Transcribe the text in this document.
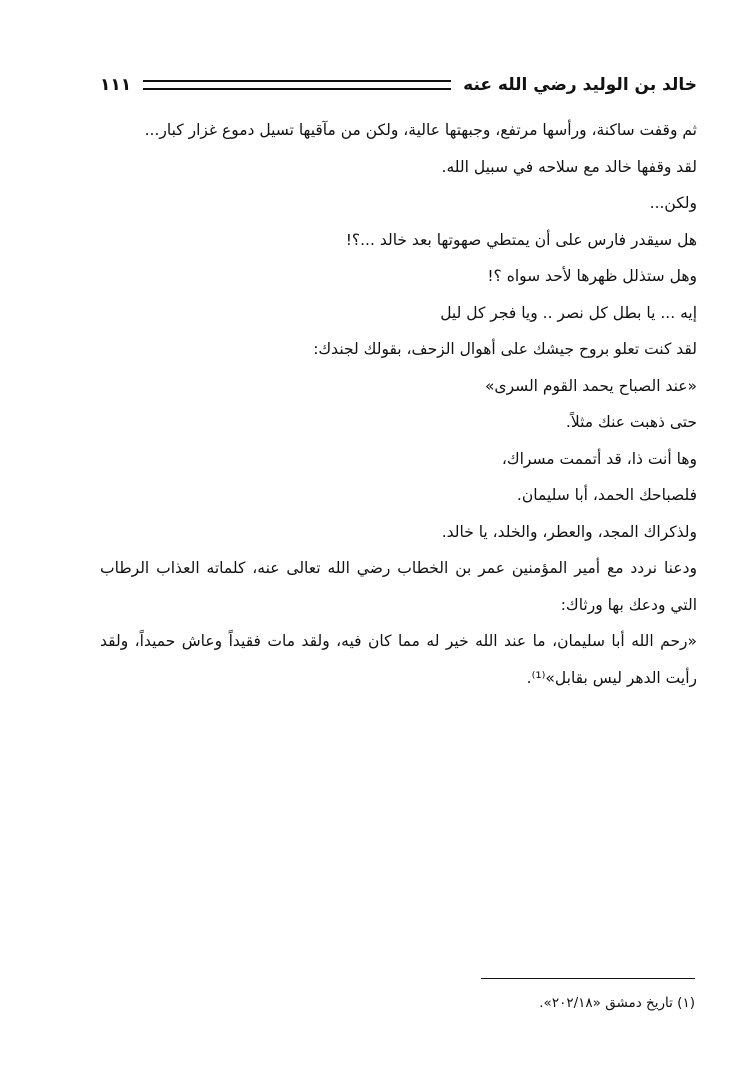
خالد بن الوليد رضي الله عنه
١١١

ثم وقفت ساكنة، ورأسها مرتفع، وجبهتها عالية، ولكن من مآقيها تسيل دموع غزار كبار...

لقد وقفها خالد مع سلاحه في سبيل الله.

ولكن...

هل سيقدر فارس على أن يمتطي صهوتها بعد خالد ...؟!

وهل ستذلل ظهرها لأحد سواه ؟!

إيه ... يا بطل كل نصر .. ويا فجر كل ليل

لقد كنت تعلو بروح جيشك على أهوال الزحف، بقولك لجندك:

«عند الصباح يحمد القوم السرى»

حتى ذهبت عنك مثلاً.

وها أنت ذا، قد أتممت مسراك،

فلصباحك الحمد، أبا سليمان.

ولذكراك المجد، والعطر، والخلد، يا خالد.

ودعنا نردد مع أمير المؤمنين عمر بن الخطاب رضي الله تعالى عنه، كلماته العذاب الرطاب التي ودعك بها ورثاك:

«رحم الله أبا سليمان، ما عند الله خير له مما كان فيه، ولقد مات فقيداً وعاش حميداً، ولقد رأيت الدهر ليس بقابل»⁽¹⁾.

(١) تاريخ دمشق «٢٠٢/١٨».
